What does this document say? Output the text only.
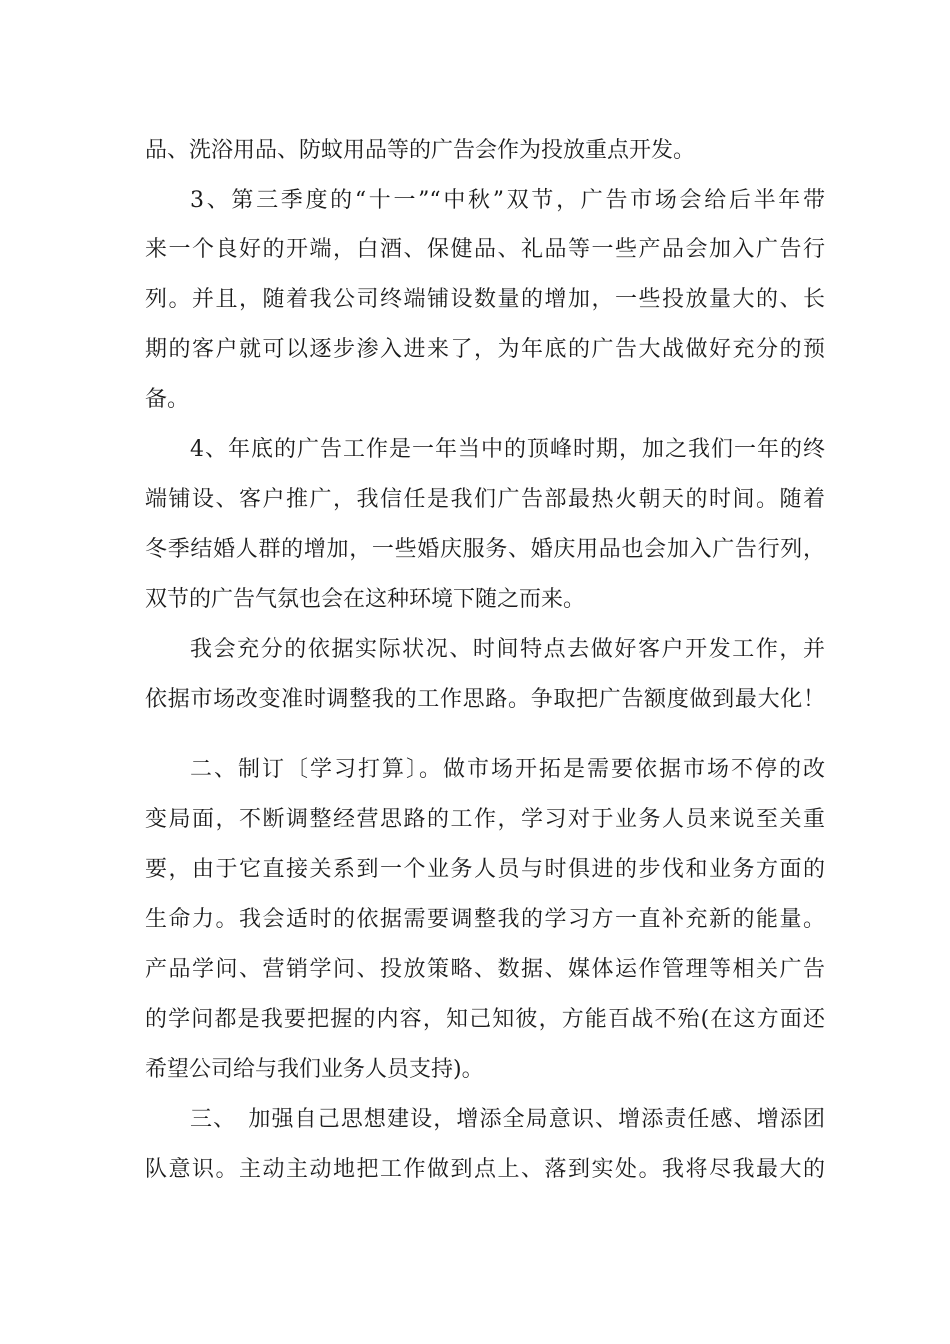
品、洗浴用品、防蚊用品等的广告会作为投放重点开发。
3、第三季度的“十一”“中秋”双节，广告市场会给后半年带
来一个良好的开端，白酒、保健品、礼品等一些产品会加入广告行
列。并且，随着我公司终端铺设数量的增加，一些投放量大的、长
期的客户就可以逐步渗入进来了，为年底的广告大战做好充分的预
备。
4、年底的广告工作是一年当中的顶峰时期，加之我们一年的终
端铺设、客户推广，我信任是我们广告部最热火朝天的时间。随着
冬季结婚人群的增加，一些婚庆服务、婚庆用品也会加入广告行列，
双节的广告气氛也会在这种环境下随之而来。
我会充分的依据实际状况、时间特点去做好客户开发工作，并
依据市场改变准时调整我的工作思路。争取把广告额度做到最大化！
二、制订〔学习打算〕。做市场开拓是需要依据市场不停的改
变局面，不断调整经营思路的工作，学习对于业务人员来说至关重
要，由于它直接关系到一个业务人员与时俱进的步伐和业务方面的
生命力。我会适时的依据需要调整我的学习方一直补充新的能量。
产品学问、营销学问、投放策略、数据、媒体运作管理等相关广告
的学问都是我要把握的内容，知己知彼，方能百战不殆(在这方面还
希望公司给与我们业务人员支持)。
三、　加强自己思想建设，增添全局意识、增添责任感、增添团
队意识。主动主动地把工作做到点上、落到实处。我将尽我最大的
